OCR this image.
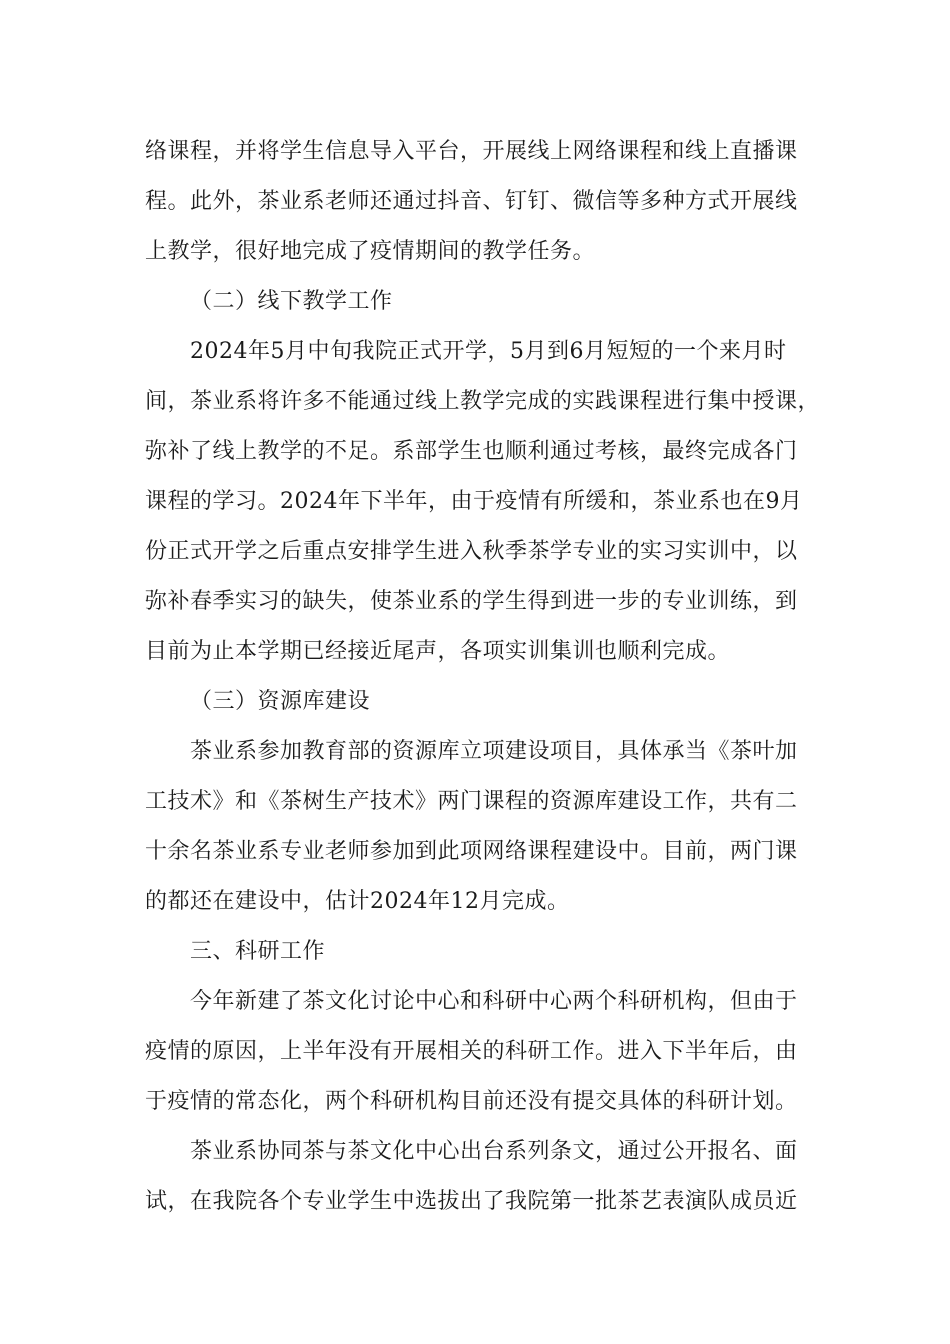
络课程，并将学生信息导入平台，开展线上网络课程和线上直播课
程。此外，茶业系老师还通过抖音、钉钉、微信等多种方式开展线
上教学，很好地完成了疫情期间的教学任务。
（二）线下教学工作
2024年5月中旬我院正式开学，5月到6月短短的一个来月时
间，茶业系将许多不能通过线上教学完成的实践课程进行集中授课，
弥补了线上教学的不足。系部学生也顺利通过考核，最终完成各门
课程的学习。2024年下半年，由于疫情有所缓和，茶业系也在9月
份正式开学之后重点安排学生进入秋季茶学专业的实习实训中，以
弥补春季实习的缺失，使茶业系的学生得到进一步的专业训练，到
目前为止本学期已经接近尾声，各项实训集训也顺利完成。
（三）资源库建设
茶业系参加教育部的资源库立项建设项目，具体承当《茶叶加
工技术》和《茶树生产技术》两门课程的资源库建设工作，共有二
十余名茶业系专业老师参加到此项网络课程建设中。目前，两门课
的都还在建设中，估计2024年12月完成。
三、科研工作
今年新建了茶文化讨论中心和科研中心两个科研机构，但由于
疫情的原因，上半年没有开展相关的科研工作。进入下半年后，由
于疫情的常态化，两个科研机构目前还没有提交具体的科研计划。
茶业系协同茶与茶文化中心出台系列条文，通过公开报名、面
试，在我院各个专业学生中选拔出了我院第一批茶艺表演队成员近
